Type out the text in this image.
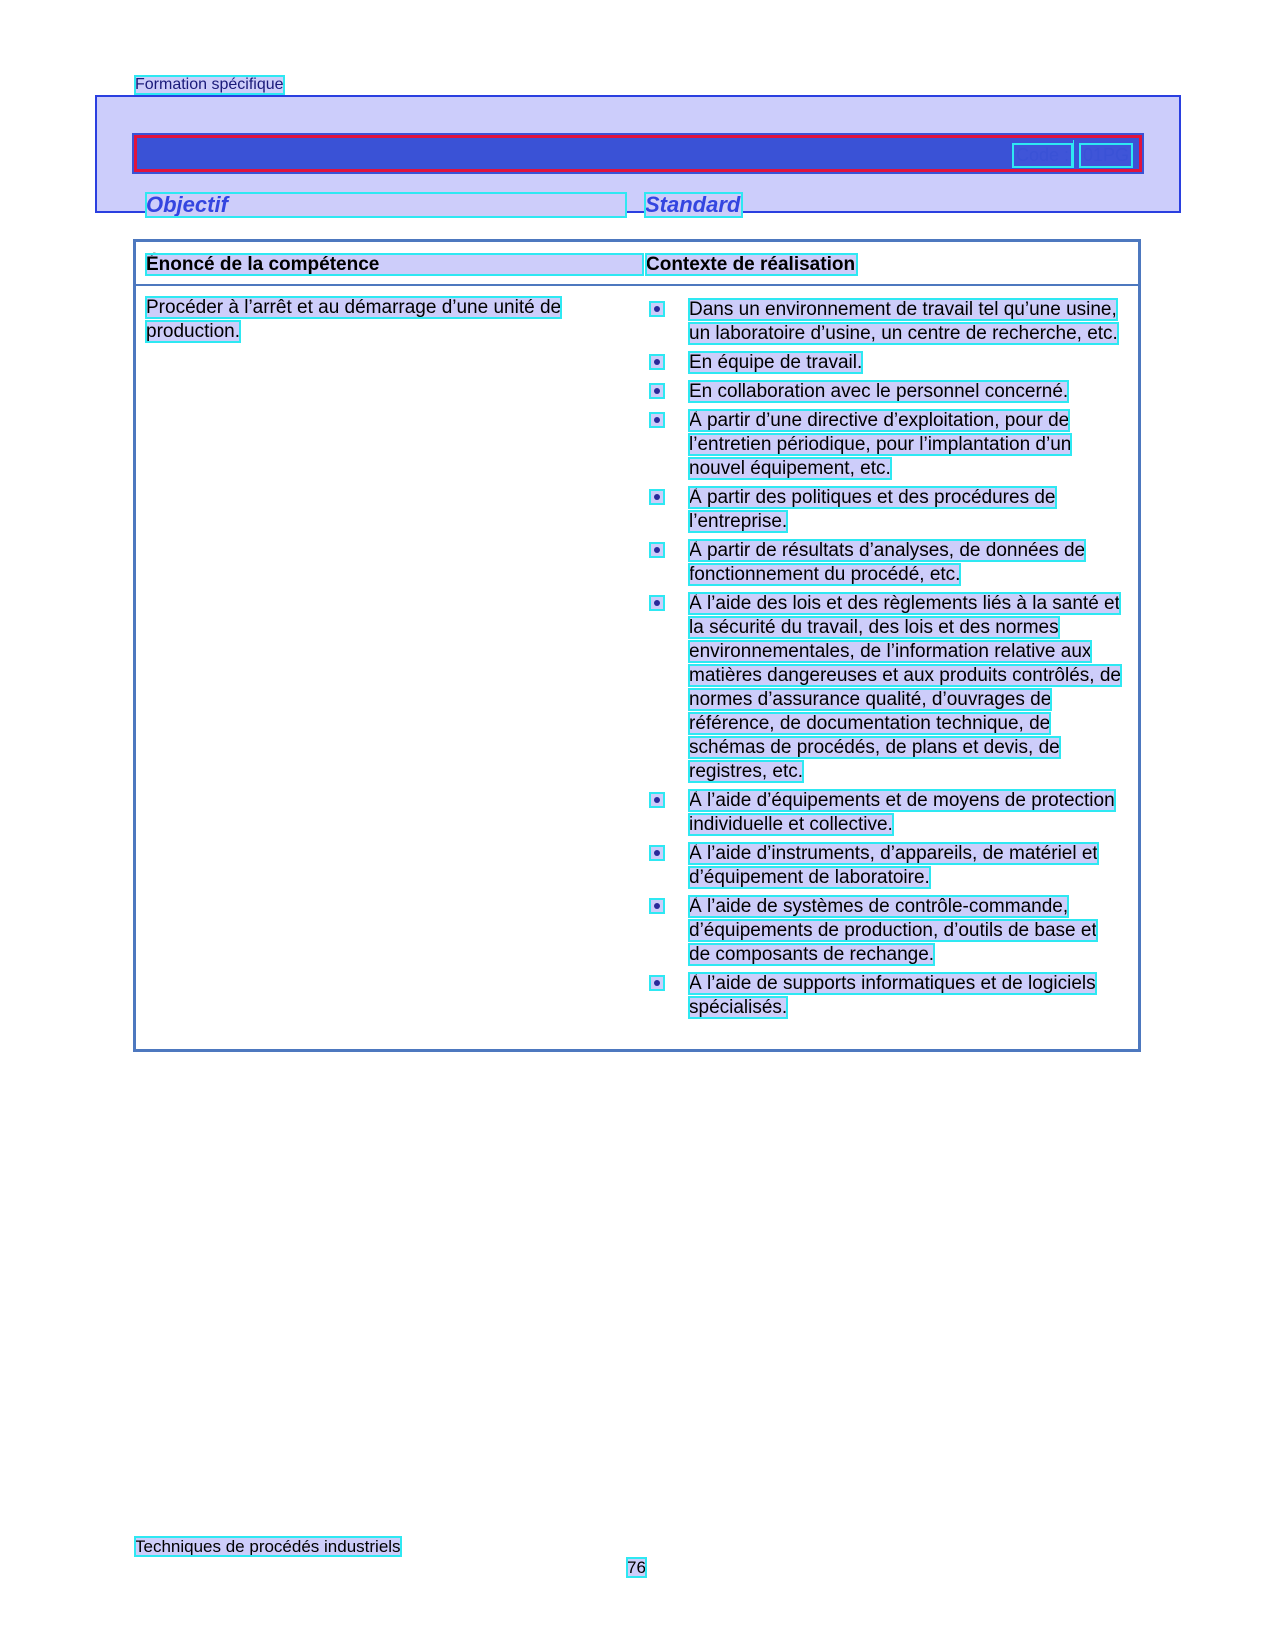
Formation spécifique
Code : 01PG
Objectif	Standard
Énoncé de la compétence	Contexte de réalisation
Procéder à l’arrêt et au démarrage d’une unité de production.
Dans un environnement de travail tel qu’une usine, un laboratoire d’usine, un centre de recherche, etc.
En équipe de travail.
En collaboration avec le personnel concerné.
À partir d’une directive d’exploitation, pour de l’entretien périodique, pour l’implantation d’un nouvel équipement, etc.
À partir des politiques et des procédures de l’entreprise.
À partir de résultats d’analyses, de données de fonctionnement du procédé, etc.
À l’aide des lois et des règlements liés à la santé et la sécurité du travail, des lois et des normes environnementales, de l’information relative aux matières dangereuses et aux produits contrôlés, de normes d’assurance qualité, d’ouvrages de référence, de documentation technique, de schémas de procédés, de plans et devis, de registres, etc.
À l’aide d’équipements et de moyens de protection individuelle et collective.
À l’aide d’instruments, d’appareils, de matériel et d’équipement de laboratoire.
À l’aide de systèmes de contrôle-commande, d’équipements de production, d’outils de base et de composants de rechange.
À l’aide de supports informatiques et de logiciels spécialisés.
Techniques de procédés industriels
76
